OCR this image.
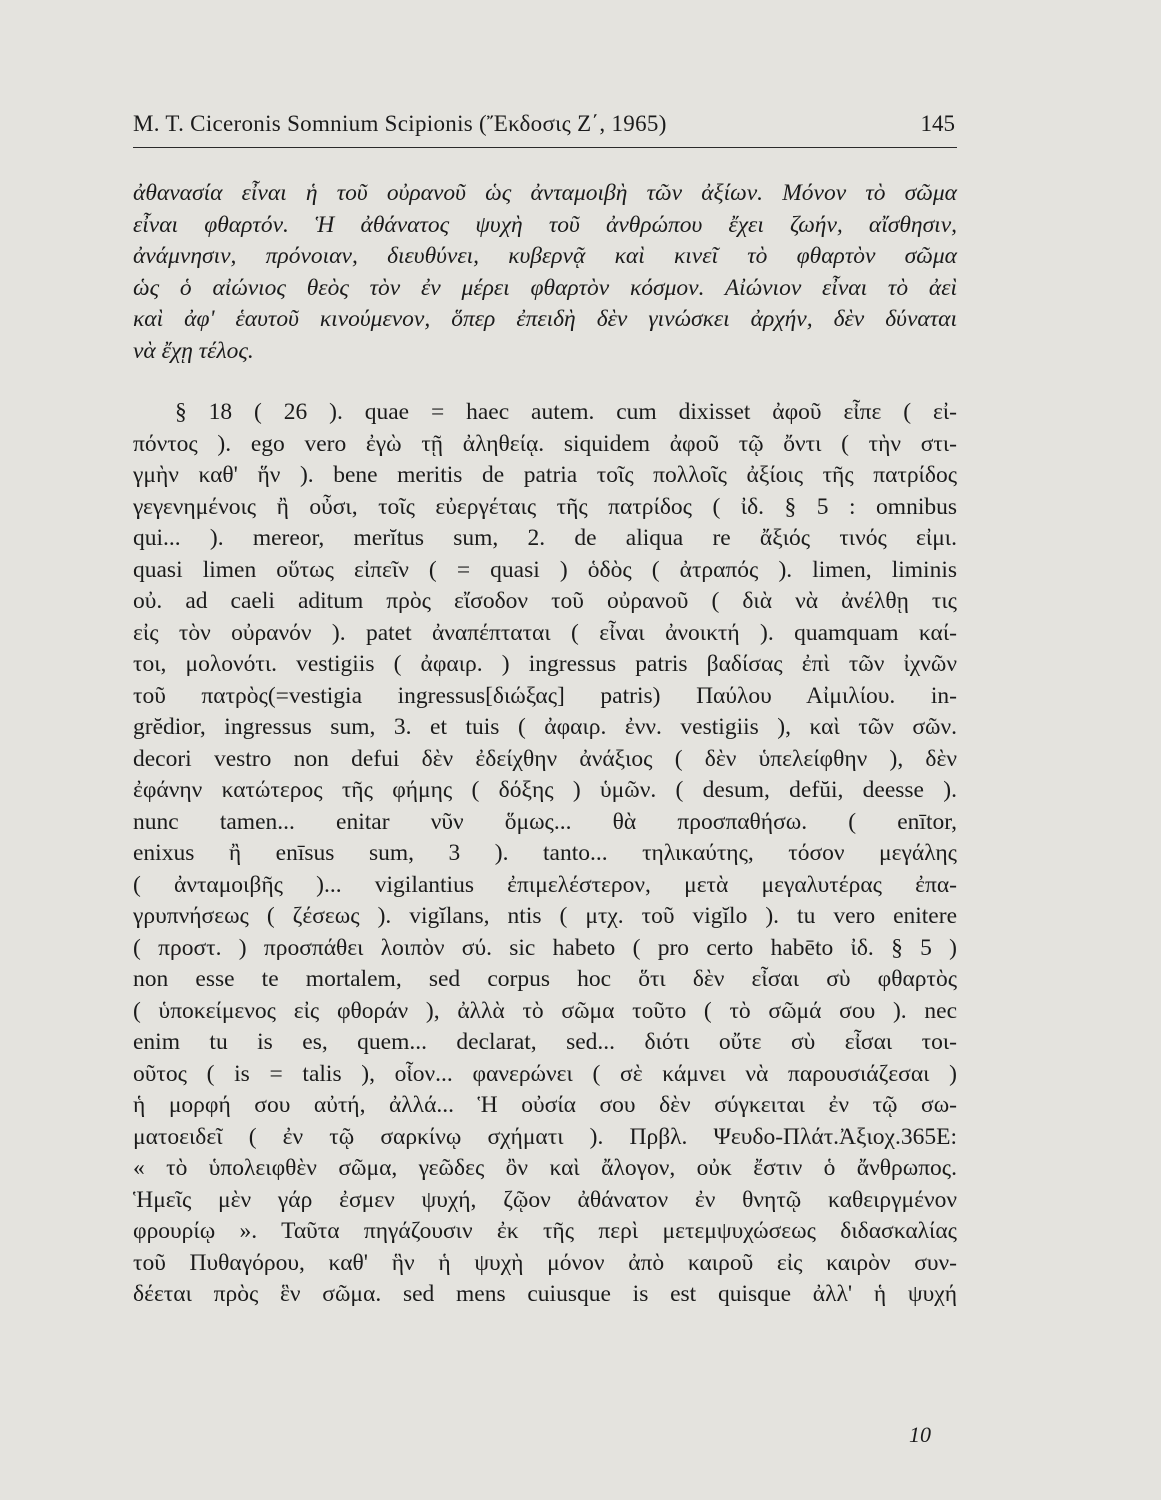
M. T. Ciceronis Somnium Scipionis (Ἔκδοσις Ζ΄, 1965)	145
ἀθανασία εἶναι ἡ τοῦ οὐρανοῦ ὡς ἀνταμοιβὴ τῶν ἀξίων. Μόνον τὸ σῶμα
εἶναι φθαρτόν. Ἡ ἀθάνατος ψυχὴ τοῦ ἀνθρώπου ἔχει ζωήν, αἴσθησιν,
ἀνάμνησιν, πρόνοιαν, διευθύνει, κυβερνᾷ καὶ κινεῖ τὸ φθαρτὸν σῶμα
ὡς ὁ αἰώνιος θεὸς τὸν ἐν μέρει φθαρτὸν κόσμον. Αἰώνιον εἶναι τὸ ἀεὶ
καὶ ἀφ' ἑαυτοῦ κινούμενον, ὅπερ ἐπειδὴ δὲν γινώσκει ἀρχήν, δὲν δύναται
νὰ ἔχῃ τέλος.
§ 18 ( 26 ). quae = haec autem. cum dixisset ἀφοῦ εἶπε ( εἰ-
πόντος ). ego vero ἐγὼ τῇ ἀληθείᾳ. siquidem ἀφοῦ τῷ ὄντι ( τὴν στι-
γμὴν καθ' ἥν ). bene meritis de patria τοῖς πολλοῖς ἀξίοις τῆς πατρίδος
γεγενημένοις ἢ οὖσι, τοῖς εὐεργέταις τῆς πατρίδος ( ἰδ. § 5 : omnibus
qui... ). mereor, merĭtus sum, 2. de aliqua re ἄξιός τινός εἰμι.
quasi limen οὕτως εἰπεῖν ( = quasi ) ὁδὸς ( ἀτραπός ). limen, liminis
οὐ. ad caeli aditum πρὸς εἴσοδον τοῦ οὐρανοῦ ( διὰ νὰ ἀνέλθῃ τις
εἰς τὸν οὐρανόν ). patet ἀναπέπταται ( εἶναι ἀνοικτή ). quamquam καί-
τοι, μολονότι. vestigiis ( ἀφαιρ. ) ingressus patris βαδίσας ἐπὶ τῶν ἰχνῶν
τοῦ πατρὸς(=vestigia ingressus[διώξας] patris) Παύλου Αἰμιλίου. in-
grĕdior, ingressus sum, 3. et tuis ( ἀφαιρ. ἐνν. vestigiis ), καὶ τῶν σῶν.
decori vestro non defui δὲν ἐδείχθην ἀνάξιος ( δὲν ὑπελείφθην ), δὲν
ἐφάνην κατώτερος τῆς φήμης ( δόξης ) ὑμῶν. ( desum, defŭi, deesse ).
nunc tamen... enitar νῦν ὅμως... θὰ προσπαθήσω. ( enītor,
enixus ἢ enīsus sum, 3 ). tanto... τηλικαύτης, τόσον μεγάλης
( ἀνταμοιβῆς )... vigilantius ἐπιμελέστερον, μετὰ μεγαλυτέρας ἐπα-
γρυπνήσεως ( ζέσεως ). vigĭlans, ntis ( μτχ. τοῦ vigĭlo ). tu vero enitere
( προστ. ) προσπάθει λοιπὸν σύ. sic habeto ( pro certo habēto ἰδ. § 5 )
non esse te mortalem, sed corpus hoc ὅτι δὲν εἶσαι σὺ φθαρτὸς
( ὑποκείμενος εἰς φθοράν ), ἀλλὰ τὸ σῶμα τοῦτο ( τὸ σῶμά σου ). nec
enim tu is es, quem... declarat, sed... διότι οὔτε σὺ εἶσαι τοι-
οῦτος ( is = talis ), οἷον... φανερώνει ( σὲ κάμνει νὰ παρουσιάζεσαι )
ἡ μορφή σου αὐτή, ἀλλά... Ἡ οὐσία σου δὲν σύγκειται ἐν τῷ σω-
ματοειδεῖ ( ἐν τῷ σαρκίνῳ σχήματι ). Πρβλ. Ψευδο-Πλάτ.Ἀξιοχ.365Ε:
« τὸ ὑπολειφθὲν σῶμα, γεῶδες ὂν καὶ ἄλογον, οὐκ ἔστιν ὁ ἄνθρωπος.
Ἡμεῖς μὲν γάρ ἐσμεν ψυχή, ζῷον ἀθάνατον ἐν θνητῷ καθειργμένον
φρουρίῳ ». Ταῦτα πηγάζουσιν ἐκ τῆς περὶ μετεμψυχώσεως διδασκαλίας
τοῦ Πυθαγόρου, καθ' ἣν ἡ ψυχὴ μόνον ἀπὸ καιροῦ εἰς καιρὸν συν-
δέεται πρὸς ἓν σῶμα. sed mens cuiusque is est quisque ἀλλ' ἡ ψυχή
10
